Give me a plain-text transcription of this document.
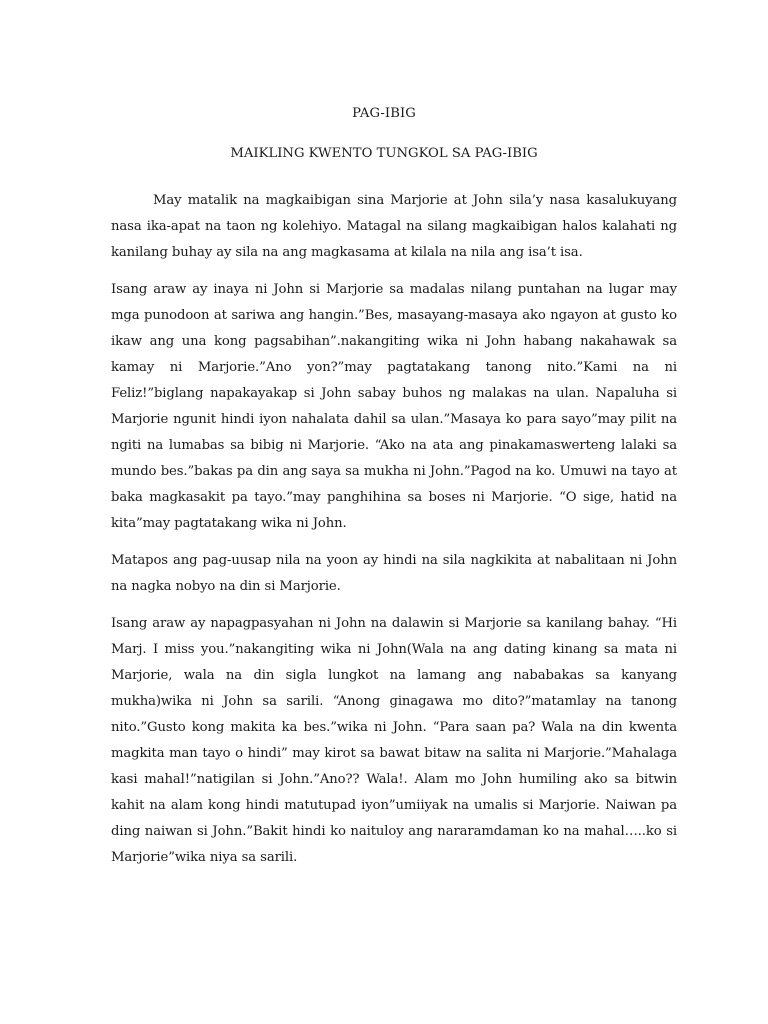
PAG-IBIG
MAIKLING KWENTO TUNGKOL SA PAG-IBIG

May matalik na magkaibigan sina Marjorie at John sila’y nasa kasalukuyang nasa ika-apat na taon ng kolehiyo. Matagal na silang magkaibigan halos kalahati ng kanilang buhay ay sila na ang magkasama at kilala na nila ang isa’t isa.

Isang araw ay inaya ni John si Marjorie sa madalas nilang puntahan na lugar may mga punodoon at sariwa ang hangin.”Bes, masayang-masaya ako ngayon at gusto ko ikaw ang una kong pagsabihan”.nakangiting wika ni John habang nakahawak sa kamay ni Marjorie.”Ano yon?”may pagtatakang tanong nito.”Kami na ni Feliz!”biglang napakayakap si John sabay buhos ng malakas na ulan. Napaluha si Marjorie ngunit hindi iyon nahalata dahil sa ulan.”Masaya ko para sayo”may pilit na ngiti na lumabas sa bibig ni Marjorie. “Ako na ata ang pinakamaswerteng lalaki sa mundo bes.”bakas pa din ang saya sa mukha ni John.”Pagod na ko. Umuwi na tayo at baka magkasakit pa tayo.”may panghihina sa boses ni Marjorie. “O sige, hatid na kita”may pagtatakang wika ni John.

Matapos ang pag-uusap nila na yoon ay hindi na sila nagkikita at nabalitaan ni John na nagka nobyo na din si Marjorie.

Isang araw ay napagpasyahan ni John na dalawin si Marjorie sa kanilang bahay. “Hi Marj. I miss you.”nakangiting wika ni John(Wala na ang dating kinang sa mata ni Marjorie, wala na din sigla lungkot na lamang ang nababakas sa kanyang mukha)wika ni John sa sarili. “Anong ginagawa mo dito?”matamlay na tanong nito.”Gusto kong makita ka bes.”wika ni John. “Para saan pa? Wala na din kwenta magkita man tayo o hindi” may kirot sa bawat bitaw na salita ni Marjorie.”Mahalaga kasi mahal!”natigilan si John.”Ano?? Wala!. Alam mo John humiling ako sa bitwin kahit na alam kong hindi matutupad iyon”umiiyak na umalis si Marjorie. Naiwan pa ding naiwan si John.”Bakit hindi ko naituloy ang nararamdaman ko na mahal…..ko si Marjorie”wika niya sa sarili.
